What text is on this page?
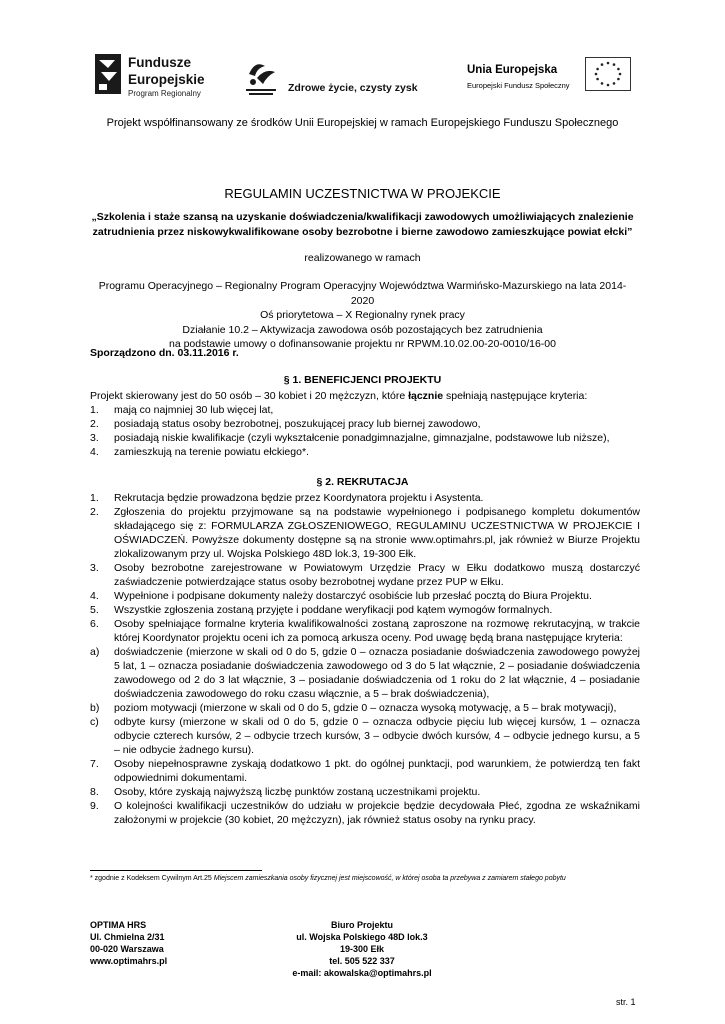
Fundusze
Europejskie
Program Regionalny	Zdrowe życie, czysty zysk
Unia Europejska
Europejski Fundusz Społeczny
Projekt współfinansowany ze środków Unii Europejskiej w ramach Europejskiego Funduszu Społecznego
REGULAMIN UCZESTNICTWA W PROJEKCIE
„Szkolenia i staże szansą na uzyskanie doświadczenia/kwalifikacji zawodowych umożliwiających znalezienie zatrudnienia przez niskowykwalifikowane osoby bezrobotne i bierne zawodowo zamieszkujące powiat ełcki”
realizowanego w ramach
Programu Operacyjnego – Regionalny Program Operacyjny Województwa Warmińsko-Mazurskiego na lata 2014-2020
Oś priorytetowa – X Regionalny rynek pracy
Działanie 10.2 – Aktywizacja zawodowa osób pozostających bez zatrudnienia
na podstawie umowy o dofinansowanie projektu nr RPWM.10.02.00-20-0010/16-00
Sporządzono dn. 03.11.2016 r.
§ 1. BENEFICJENCI PROJEKTU
Projekt skierowany jest do 50 osób – 30 kobiet i 20 mężczyzn, które łącznie spełniają następujące kryteria:
1. mają co najmniej 30 lub więcej lat,
2. posiadają status osoby bezrobotnej, poszukującej pracy lub biernej zawodowo,
3. posiadają niskie kwalifikacje (czyli wykształcenie ponadgimnazjalne, gimnazjalne, podstawowe lub niższe),
4. zamieszkują na terenie powiatu ełckiego*.
§ 2. REKRUTACJA
1. Rekrutacja będzie prowadzona będzie przez Koordynatora projektu i Asystenta.
2. Zgłoszenia do projektu przyjmowane są na podstawie wypełnionego i podpisanego kompletu dokumentów składającego się z: FORMULARZA ZGŁOSZENIOWEGO, REGULAMINU UCZESTNICTWA W PROJEKCIE I OŚWIADCZEŃ. Powyższe dokumenty dostępne są na stronie www.optimahrs.pl, jak również w Biurze Projektu zlokalizowanym przy ul. Wojska Polskiego 48D lok.3, 19-300 Ełk.
3. Osoby bezrobotne zarejestrowane w Powiatowym Urzędzie Pracy w Ełku dodatkowo muszą dostarczyć zaświadczenie potwierdzające status osoby bezrobotnej wydane przez PUP w Ełku.
4. Wypełnione i podpisane dokumenty należy dostarczyć osobiście lub przesłać pocztą do Biura Projektu.
5. Wszystkie zgłoszenia zostaną przyjęte i poddane weryfikacji pod kątem wymogów formalnych.
6. Osoby spełniające formalne kryteria kwalifikowalności zostaną zaproszone na rozmowę rekrutacyjną, w trakcie której Koordynator projektu oceni ich za pomocą arkusza oceny. Pod uwagę będą brana następujące kryteria:
a) doświadczenie (mierzone w skali od 0 do 5, gdzie 0 – oznacza posiadanie doświadczenia zawodowego powyżej 5 lat, 1 – oznacza posiadanie doświadczenia zawodowego od 3 do 5 lat włącznie, 2 – posiadanie doświadczenia zawodowego od 2 do 3 lat włącznie, 3 – posiadanie doświadczenia od 1 roku do 2 lat włącznie, 4 – posiadanie doświadczenia zawodowego do roku czasu włącznie, a 5 – brak doświadczenia),
b) poziom motywacji (mierzone w skali od 0 do 5, gdzie 0 – oznacza wysoką motywację, a 5 – brak motywacji),
c) odbyte kursy (mierzone w skali od 0 do 5, gdzie 0 – oznacza odbycie pięciu lub więcej kursów, 1 – oznacza odbycie czterech kursów, 2 – odbycie trzech kursów, 3 – odbycie dwóch kursów, 4 – odbycie jednego kursu, a 5 – nie odbycie żadnego kursu).
7. Osoby niepełnosprawne zyskają dodatkowo 1 pkt. do ogólnej punktacji, pod warunkiem, że potwierdzą ten fakt odpowiednimi dokumentami.
8. Osoby, które zyskają najwyższą liczbę punktów zostaną uczestnikami projektu.
9. O kolejności kwalifikacji uczestników do udziału w projekcie będzie decydowała Płeć, zgodna ze wskaźnikami założonymi w projekcie (30 kobiet, 20 mężczyzn), jak również status osoby na rynku pracy.
* zgodnie z Kodeksem Cywilnym Art.25 Miejscem zamieszkania osoby fizycznej jest miejscowość, w której osoba ta przebywa z zamiarem stałego pobytu
OPTIMA HRS
Ul. Chmielna 2/31
00-020 Warszawa
www.optimahrs.pl
Biuro Projektu
ul. Wojska Polskiego 48D lok.3
19-300 Ełk
tel. 505 522 337
e-mail: akowalska@optimahrs.pl
str. 1
